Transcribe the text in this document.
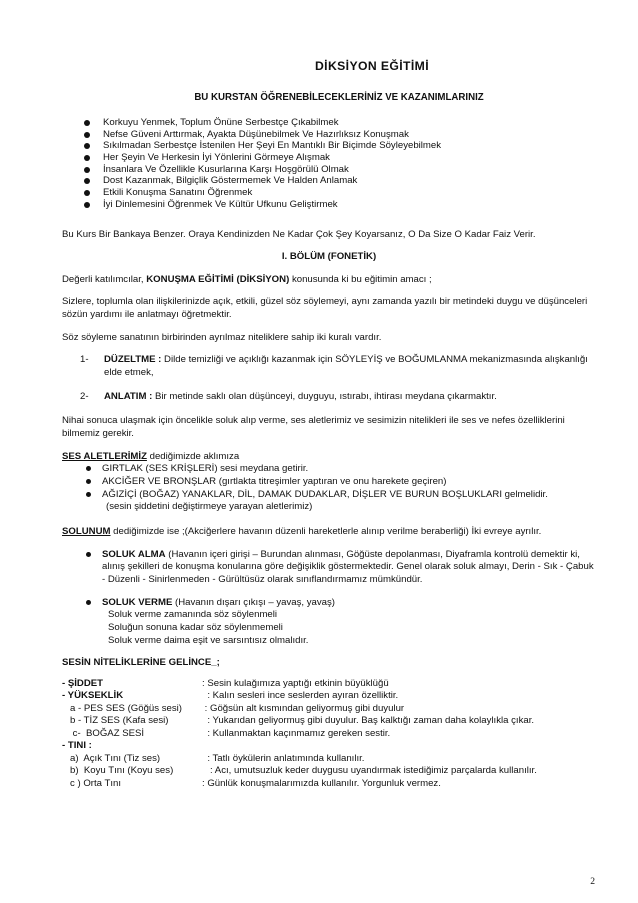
DİKSİYON EĞİTİMİ
BU KURSTAN ÖĞRENEBİLECEKLERİNİZ VE KAZANIMLARINIZ
Korkuyu Yenmek, Toplum Önüne Serbestçe Çıkabilmek
Nefse Güveni Arttırmak, Ayakta Düşünebilmek Ve Hazırlıksız Konuşmak
Sıkılmadan Serbestçe İstenilen Her Şeyi En Mantıklı Bir Biçimde Söyleyebilmek
Her Şeyin Ve Herkesin İyi Yönlerini Görmeye Alışmak
İnsanlara Ve Özellikle Kusurlarına Karşı Hoşgörülü Olmak
Dost Kazanmak, Bilgiçlik Göstermemek Ve Halden Anlamak
Etkili Konuşma Sanatını Öğrenmek
İyi Dinlemesini Öğrenmek Ve Kültür Ufkunu Geliştirmek

Bu Kurs Bir Bankaya Benzer. Oraya Kendinizden Ne Kadar Çok Şey Koyarsanız, O Da Size O Kadar Faiz Verir.

I. BÖLÜM (FONETİK)

Değerli katılımcılar, KONUŞMA EĞİTİMİ (DİKSİYON) konusunda ki bu eğitimin amacı ;

Sizlere, toplumla olan ilişkilerinizde açık, etkili, güzel söz söylemeyi, aynı zamanda yazılı bir metindeki duygu ve düşünceleri sözün yardımı ile anlatmayı öğretmektir.

Söz söyleme sanatının birbirinden ayrılmaz niteliklere sahip iki kuralı vardır.

1-	DÜZELTME : Dilde temizliği ve açıklığı kazanmak için SÖYLEYİŞ ve BOĞUMLANMA mekanizmasında alışkanlığı elde etmek,
2-	ANLATIM : Bir metinde saklı olan düşünceyi, duyguyu, ıstırabı, ihtirası meydana çıkarmaktır.

Nihai sonuca ulaşmak için öncelikle soluk alıp verme, ses aletlerimiz ve sesimizin nitelikleri ile ses ve nefes özelliklerini bilmemiz gerekir.

SES ALETLERİMİZ dediğimizde aklımıza
GIRTLAK (SES KRİŞLERİ) sesi meydana getirir.
AKCİĞER VE BRONŞLAR (gırtlakta titreşimler yaptıran ve onu harekete geçiren)
AĞIZİÇİ (BOĞAZ) YANAKLAR, DİL, DAMAK DUDAKLAR, DİŞLER VE BURUN BOŞLUKLARI gelmelidir.
(sesin şiddetini değiştirmeye yarayan aletlerimiz)

SOLUNUM dediğimizde ise ;(Akciğerlere havanın düzenli hareketlerle alınıp verilme beraberliği) İki evreye ayrılır.

SOLUK ALMA (Havanın içeri girişi – Burundan alınması, Göğüste depolanması, Diyaframla kontrolü demektir ki, alınış şekilleri de konuşma konularına göre değişiklik göstermektedir. Genel olarak soluk almayı, Derin - Sık - Çabuk - Düzenli - Sinirlenmeden - Gürültüsüz olarak sınıflandırmamız mümkündür.
SOLUK VERME (Havanın dışarı çıkışı – yavaş, yavaş)
Soluk verme zamanında söz söylenmeli
Soluğun sonuna kadar söz söylenmemeli
Soluk verme daima eşit ve sarsıntısız olmalıdır.
SESİN NİTELİKLERİNE GELİNCE_;
- ŞİDDET	: Sesin kulağımıza yaptığı etkinin büyüklüğü
- YÜKSEKLİK	: Kalın sesleri ince seslerden ayıran özelliktir.
a - PES SES (Göğüs sesi)	: Göğsün alt kısmından geliyormuş gibi duyulur
b - TİZ SES (Kafa sesi)	: Yukarıdan geliyormuş gibi duyulur. Baş kalktığı zaman daha kolaylıkla çıkar.
c-  BOĞAZ SESİ	: Kullanmaktan kaçınmamız gereken sestir.
- TINI :
a)  Açık Tını (Tiz ses)	: Tatlı öykülerin anlatımında kullanılır.
b)  Koyu Tını (Koyu ses)	: Acı, umutsuzluk keder duygusu uyandırmak istediğimiz parçalarda kullanılır.
c ) Orta Tını	: Günlük konuşmalarımızda kullanılır. Yorgunluk vermez.
2
